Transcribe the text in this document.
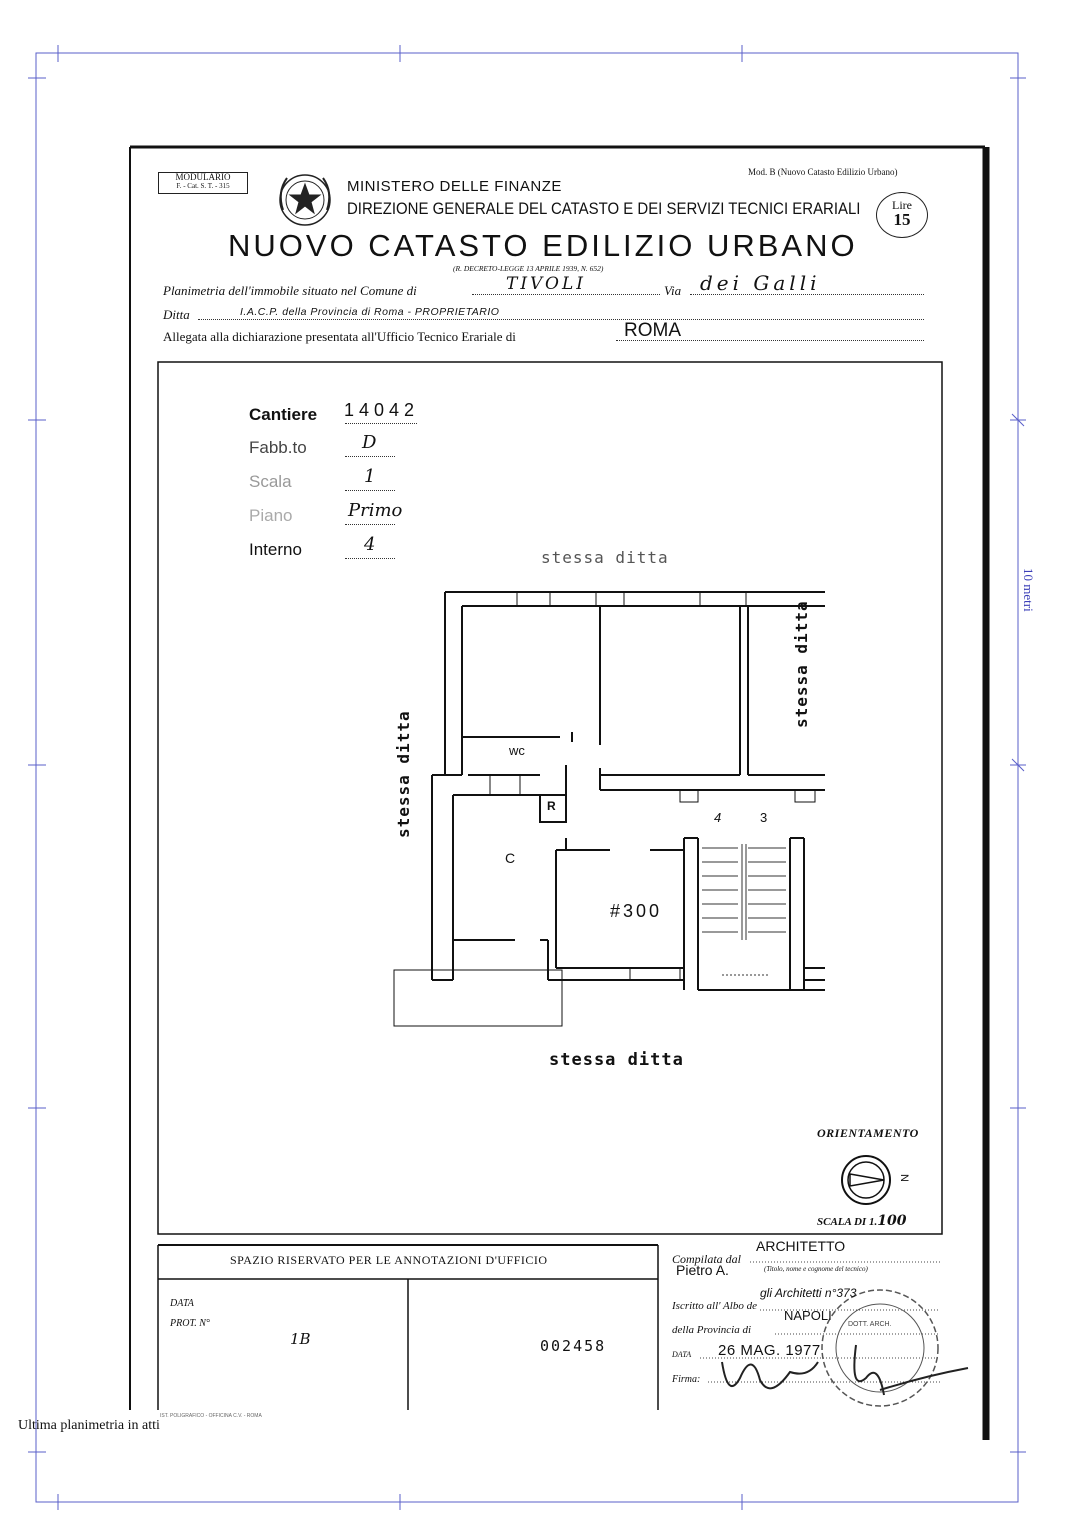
10 metri
MODULARIO
F. - Cat. S. T. - 315
Mod. B (Nuovo Catasto Edilizio Urbano)
MINISTERO DELLE FINANZE
DIREZIONE GENERALE DEL CATASTO E DEI SERVIZI TECNICI ERARIALI	Lire
15
NUOVO CATASTO EDILIZIO URBANO
(R. DECRETO-LEGGE 13 APRILE 1939, N. 652)
Planimetria dell'immobile situato nel Comune di	TIVOLI	Via dei Galli
Ditta	I.A.C.P. della Provincia di Roma - PROPRIETARIO
Allegata alla dichiarazione presentata all'Ufficio Tecnico Erariale di	ROMA
Cantiere 14042
Fabb.to	D
Scala	1
Piano	Primo
Interno	4
stessa ditta
stessa ditta
stessa ditta
stessa ditta
wc
R
C
#300
4	3
ORIENTAMENTO
N
SCALA DI 1.100
SPAZIO RISERVATO PER LE ANNOTAZIONI D'UFFICIO
DATA
PROT. N°
1B	002458
IST. POLIGRAFICO - OFFICINA C.V. - ROMA
ARCHITETTO
Compilata dal
Pietro A.	(Titolo, nome e cognome del tecnico)
gli Architetti n°373
Iscritto all' Albo de
NAPOLI
della Provincia di	DOTT. ARCH.
DATA 26 MAG. 1977
Firma:
Ultima planimetria in atti
